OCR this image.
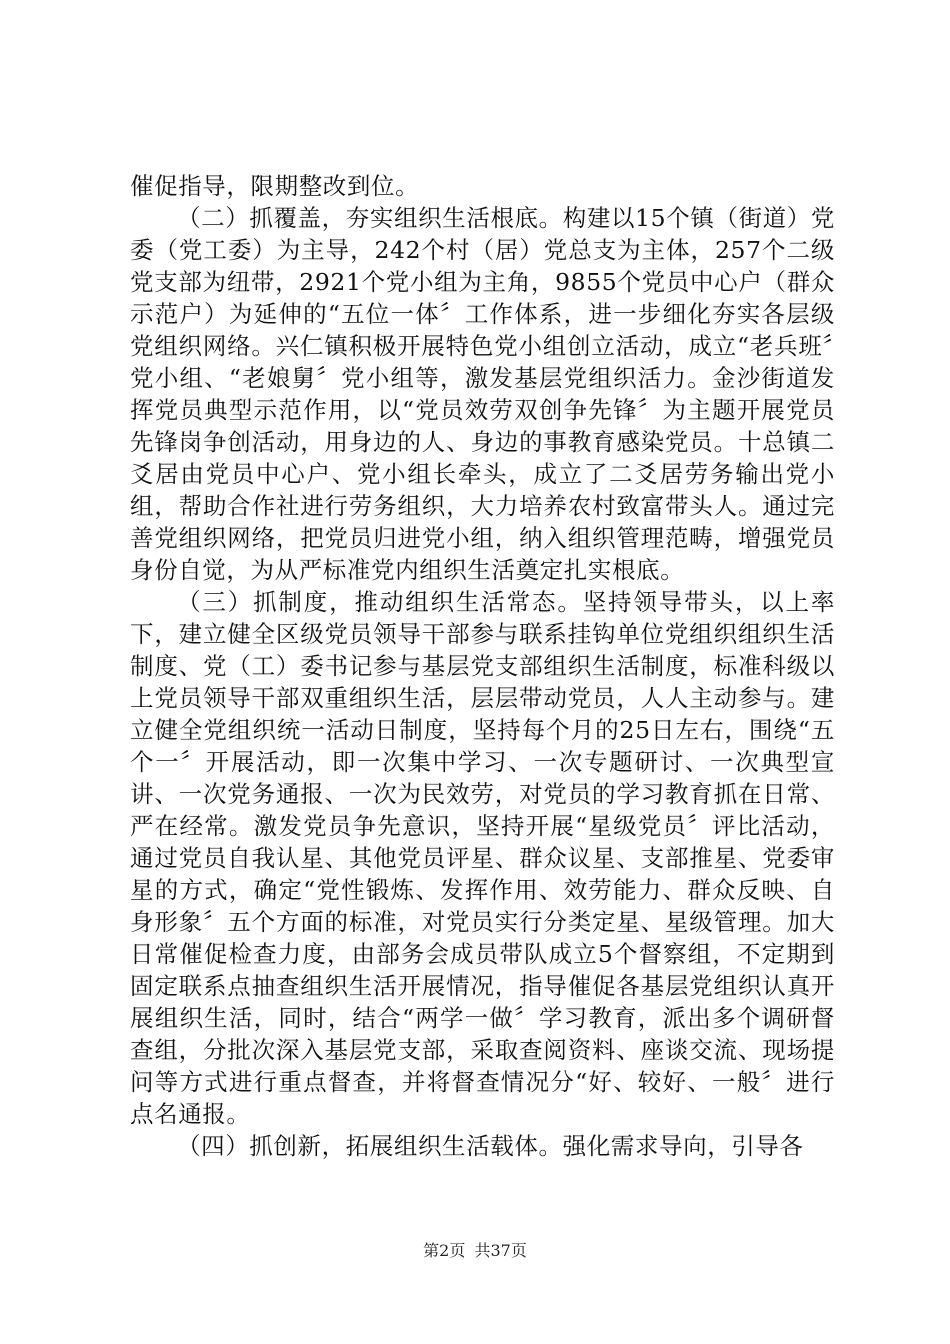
催促指导，限期整改到位。

（二）抓覆盖，夯实组织生活根底。构建以15个镇（街道）党委（党工委）为主导，242个村（居）党总支为主体，257个二级党支部为纽带，2921个党小组为主角，9855个党员中心户（群众示范户）为延伸的“五位一体〞工作体系，进一步细化夯实各层级党组织网络。兴仁镇积极开展特色党小组创立活动，成立“老兵班〞党小组、“老娘舅〞党小组等，激发基层党组织活力。金沙街道发挥党员典型示范作用，以“党员效劳双创争先锋〞为主题开展党员先锋岗争创活动，用身边的人、身边的事教育感染党员。十总镇二爻居由党员中心户、党小组长牵头，成立了二爻居劳务输出党小组，帮助合作社进行劳务组织，大力培养农村致富带头人。通过完善党组织网络，把党员归进党小组，纳入组织管理范畴，增强党员身份自觉，为从严标准党内组织生活奠定扎实根底。

（三）抓制度，推动组织生活常态。坚持领导带头，以上率下，建立健全区级党员领导干部参与联系挂钩单位党组织组织生活制度、党（工）委书记参与基层党支部组织生活制度，标准科级以上党员领导干部双重组织生活，层层带动党员，人人主动参与。建立健全党组织统一活动日制度，坚持每个月的25日左右，围绕“五个一〞开展活动，即一次集中学习、一次专题研讨、一次典型宣讲、一次党务通报、一次为民效劳，对党员的学习教育抓在日常、严在经常。激发党员争先意识，坚持开展“星级党员〞评比活动，通过党员自我认星、其他党员评星、群众议星、支部推星、党委审星的方式，确定“党性锻炼、发挥作用、效劳能力、群众反映、自身形象〞五个方面的标准，对党员实行分类定星、星级管理。加大日常催促检查力度，由部务会成员带队成立5个督察组，不定期到固定联系点抽查组织生活开展情况，指导催促各基层党组织认真开展组织生活，同时，结合“两学一做〞学习教育，派出多个调研督查组，分批次深入基层党支部，采取查阅资料、座谈交流、现场提问等方式进行重点督查，并将督查情况分“好、较好、一般〞进行点名通报。

（四）抓创新，拓展组织生活载体。强化需求导向，引导各

第2页 共37页
